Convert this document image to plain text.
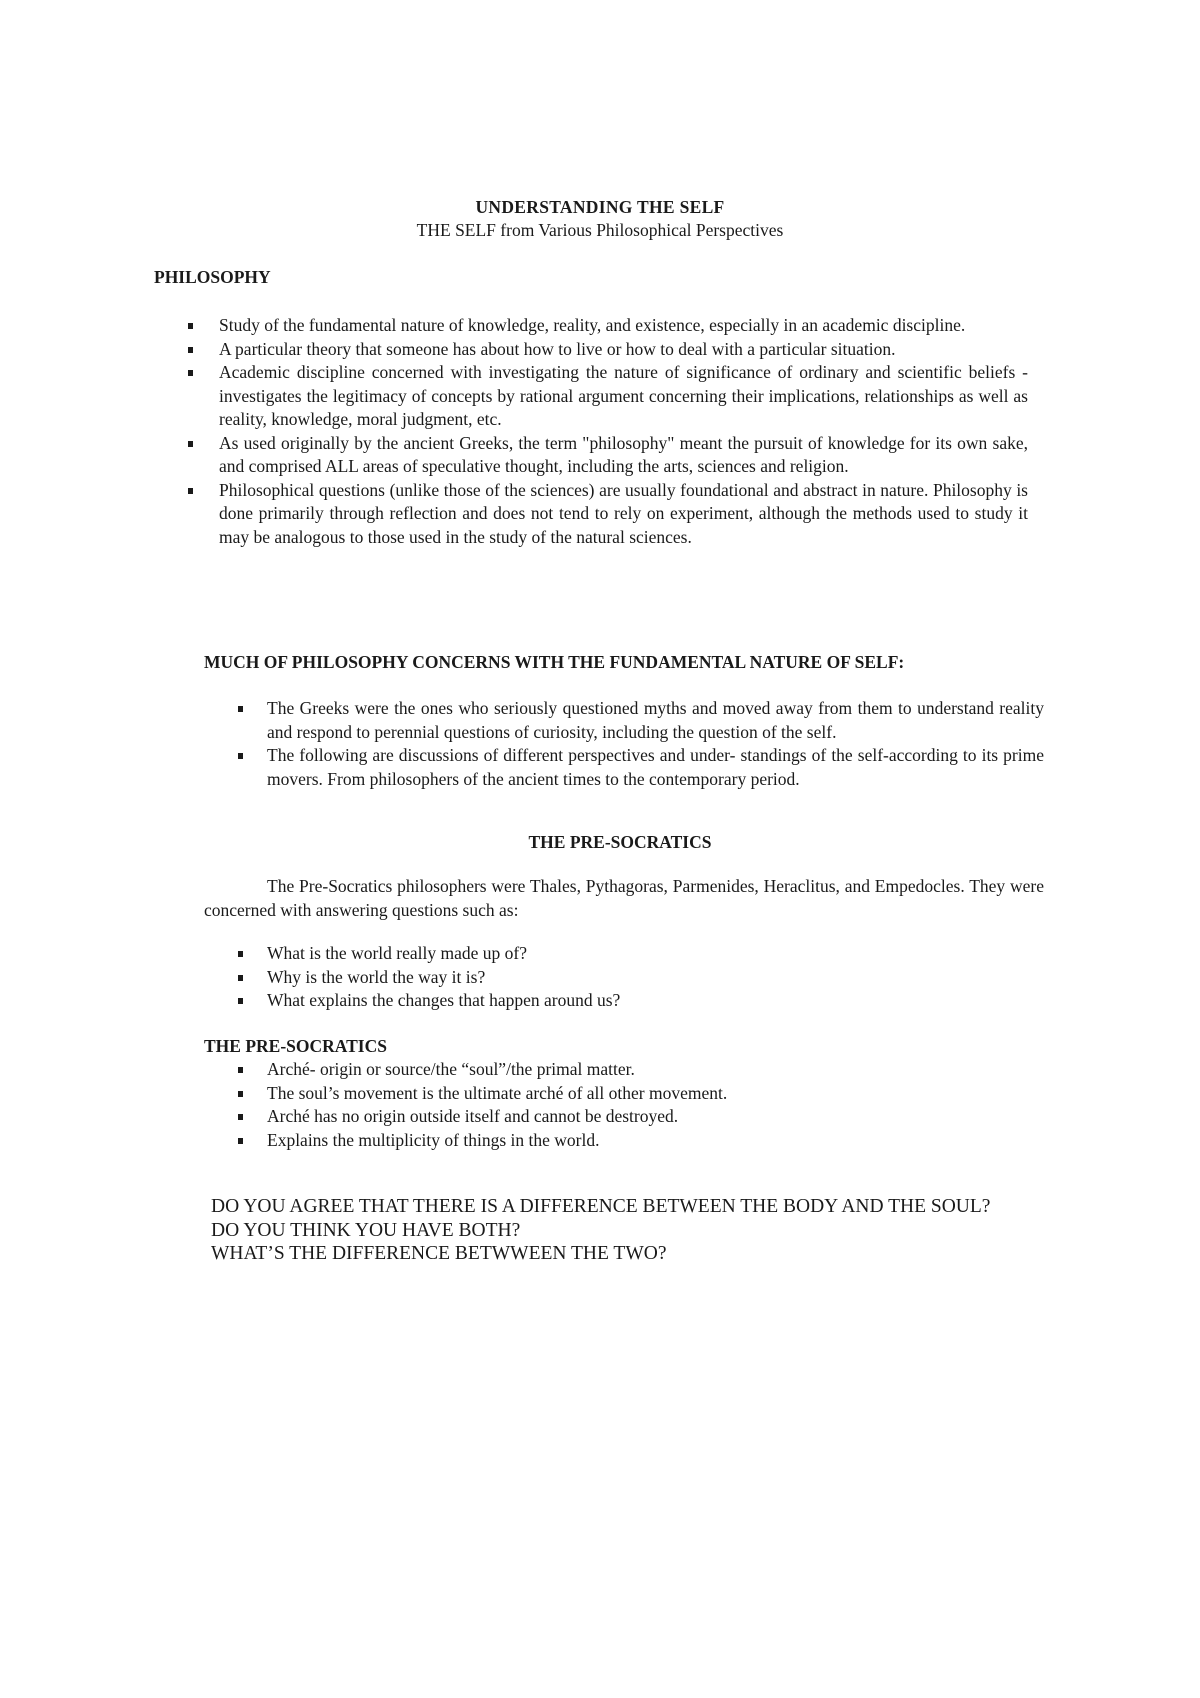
UNDERSTANDING THE SELF
THE SELF from Various Philosophical Perspectives
PHILOSOPHY
Study of the fundamental nature of knowledge, reality, and existence, especially in an academic discipline.
A particular theory that someone has about how to live or how to deal with a particular situation.
Academic discipline concerned with investigating the nature of significance of ordinary and scientific beliefs - investigates the legitimacy of concepts by rational argument concerning their implications, relationships as well as reality, knowledge, moral judgment, etc.
As used originally by the ancient Greeks, the term "philosophy" meant the pursuit of knowledge for its own sake, and comprised ALL areas of speculative thought, including the arts, sciences and religion.
Philosophical questions (unlike those of the sciences) are usually foundational and abstract in nature. Philosophy is done primarily through reflection and does not tend to rely on experiment, although the methods used to study it may be analogous to those used in the study of the natural sciences.
MUCH OF PHILOSOPHY CONCERNS WITH THE FUNDAMENTAL NATURE OF SELF:
The Greeks were the ones who seriously questioned myths and moved away from them to understand reality and respond to perennial questions of curiosity, including the question of the self.
The following are discussions of different perspectives and under- standings of the self-according to its prime movers. From philosophers of the ancient times to the contemporary period.
THE PRE-SOCRATICS
The Pre-Socratics philosophers were Thales, Pythagoras, Parmenides, Heraclitus, and Empedocles. They were concerned with answering questions such as:
What is the world really made up of?
Why is the world the way it is?
What explains the changes that happen around us?
THE PRE-SOCRATICS
Arché- origin or source/the “soul”/the primal matter.
The soul’s movement is the ultimate arché of all other movement.
Arché has no origin outside itself and cannot be destroyed.
Explains the multiplicity of things in the world.
DO YOU AGREE THAT THERE IS A DIFFERENCE BETWEEN THE BODY AND THE SOUL?
DO YOU THINK YOU HAVE BOTH?
WHAT’S THE DIFFERENCE BETWWEEN THE TWO?
